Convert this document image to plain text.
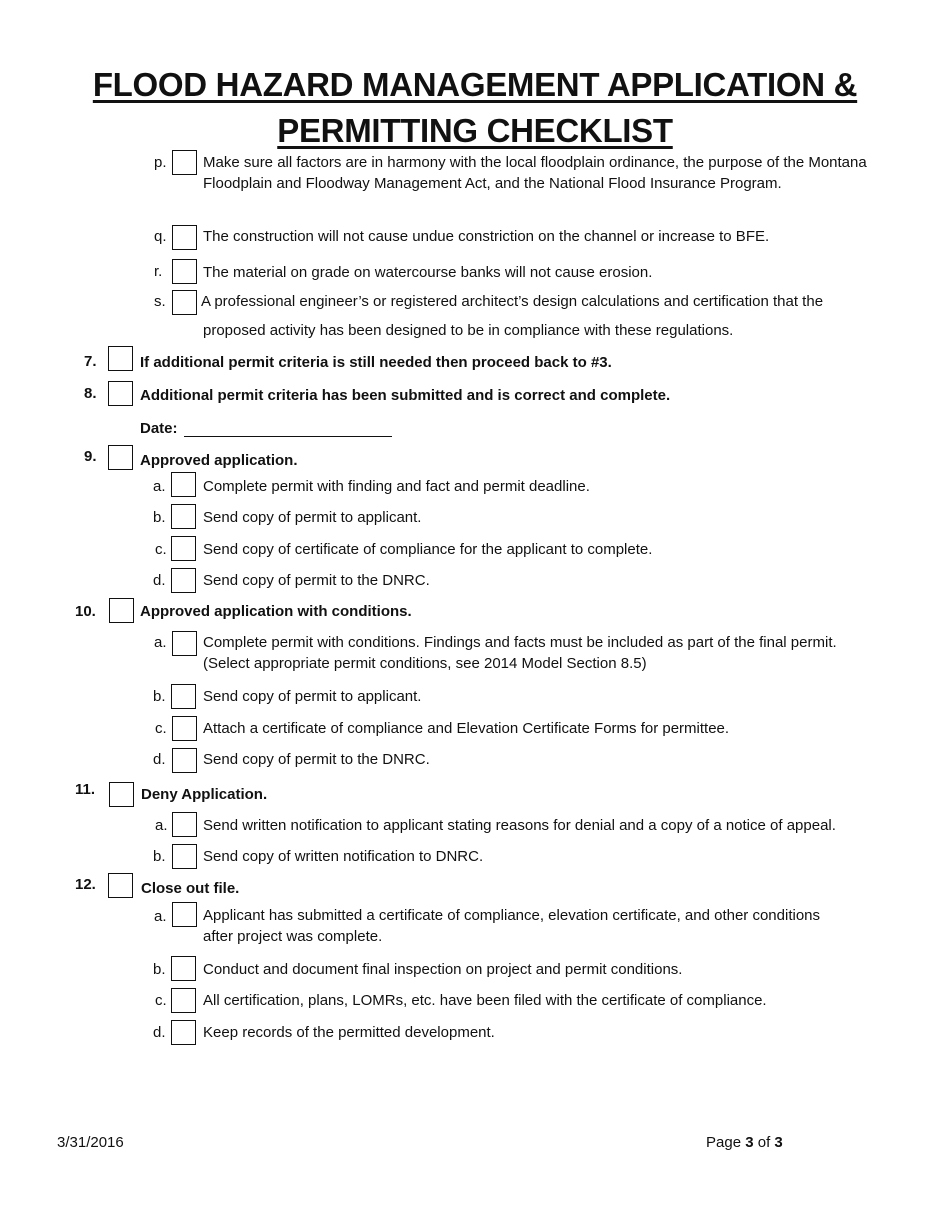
FLOOD HAZARD MANAGEMENT APPLICATION &
PERMITTING CHECKLIST
p. Make sure all factors are in harmony with the local floodplain ordinance, the purpose of the Montana Floodplain and Floodway Management Act, and the National Flood Insurance Program.
q. The construction will not cause undue constriction on the channel or increase to BFE.
r.	The material on grade on watercourse banks will not cause erosion.
s. A professional engineer’s or registered architect’s design calculations and certification that the
proposed activity has been designed to be in compliance with these regulations.
7.	If additional permit criteria is still needed then proceed back to #3.
8.	Additional permit criteria has been submitted and is correct and complete.
Date:
9.	Approved application.
a. Complete permit with finding and fact and permit deadline.
b. Send copy of permit to applicant.
c. Send copy of certificate of compliance for the applicant to complete.
d. Send copy of permit to the DNRC.
10.	Approved application with conditions.
a. Complete permit with conditions. Findings and facts must be included as part of the final permit.
(Select appropriate permit conditions, see 2014 Model Section 8.5)
b. Send copy of permit to applicant.
c. Attach a certificate of compliance and Elevation Certificate Forms for permittee.
d. Send copy of permit to the DNRC.
11.	Deny Application.
a. Send written notification to applicant stating reasons for denial and a copy of a notice of appeal.
b. Send copy of written notification to DNRC.
12.	Close out file.
a. Applicant has submitted a certificate of compliance, elevation certificate, and other conditions
after project was complete.
b. Conduct and document final inspection on project and permit conditions.
c. All certification, plans, LOMRs, etc. have been filed with the certificate of compliance.
d. Keep records of the permitted development.
3/31/2016	Page 3 of 3
